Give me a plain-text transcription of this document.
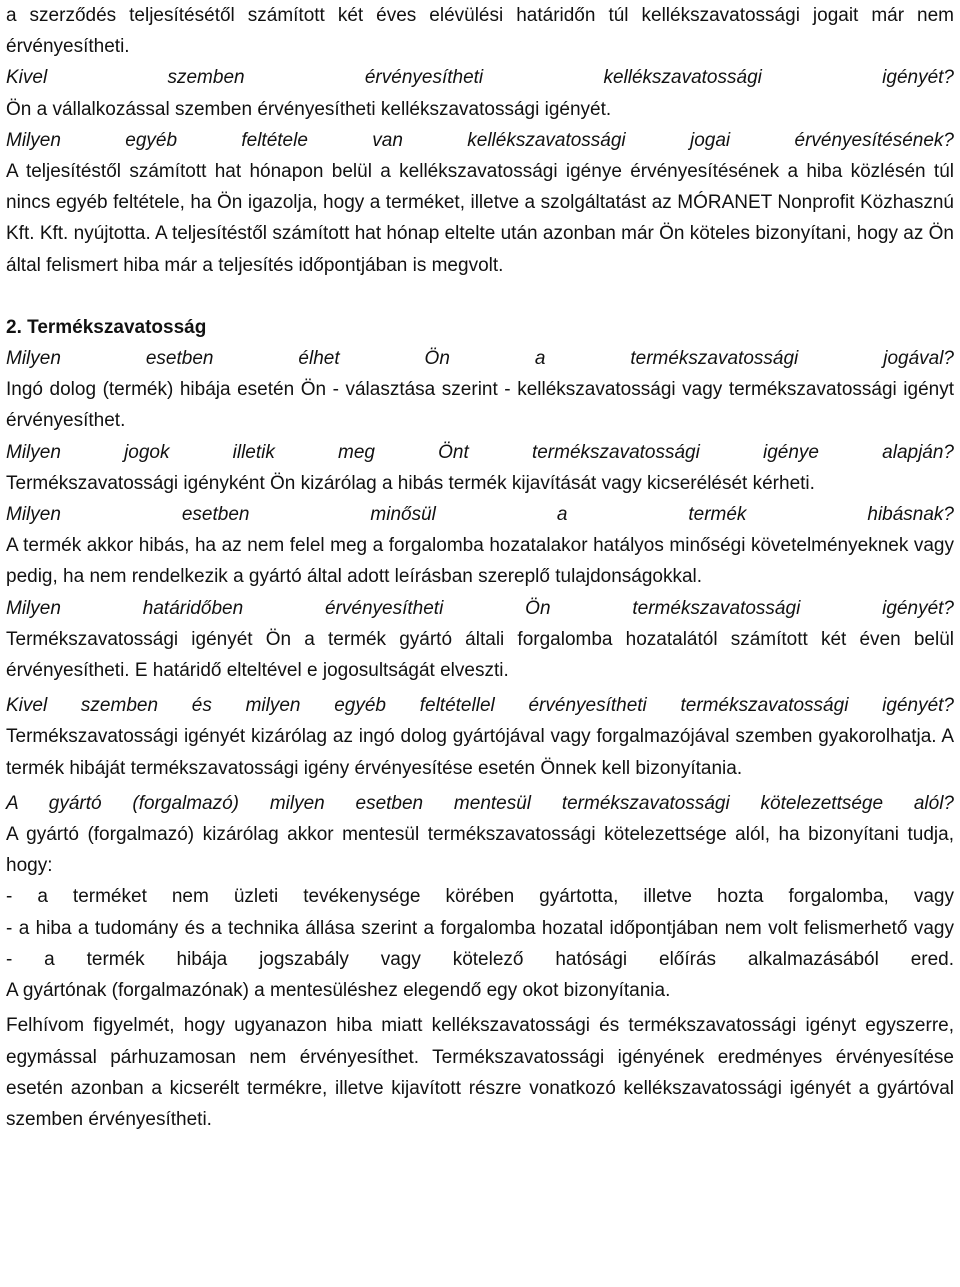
a szerződés teljesítésétől számított két éves elévülési határidőn túl kellékszavatossági jogait már nem érvényesítheti.

Kivel szemben érvényesítheti kellékszavatossági igényét?

Ön a vállalkozással szemben érvényesítheti kellékszavatossági igényét.

Milyen egyéb feltétele van kellékszavatossági jogai érvényesítésének?

A teljesítéstől számított hat hónapon belül a kellékszavatossági igénye érvényesítésének a hiba közlésén túl nincs egyéb feltétele, ha Ön igazolja, hogy a terméket, illetve a szolgáltatást az MÓRANET Nonprofit Közhasznú Kft. Kft. nyújtotta. A teljesítéstől számított hat hónap eltelte után azonban már Ön köteles bizonyítani, hogy az Ön által felismert hiba már a teljesítés időpontjában is megvolt.

2. Termékszavatosság

Milyen esetben élhet Ön a termékszavatossági jogával?

Ingó dolog (termék) hibája esetén Ön - választása szerint - kellékszavatossági vagy termékszavatossági igényt érvényesíthet.

Milyen jogok illetik meg Önt termékszavatossági igénye alapján?

Termékszavatossági igényként Ön kizárólag a hibás termék kijavítását vagy kicserélését kérheti.

Milyen esetben minősül a termék hibásnak?

A termék akkor hibás, ha az nem felel meg a forgalomba hozatalakor hatályos minőségi követelményeknek vagy pedig, ha nem rendelkezik a gyártó által adott leírásban szereplő tulajdonságokkal.

Milyen határidőben érvényesítheti Ön termékszavatossági igényét?

Termékszavatossági igényét Ön a termék gyártó általi forgalomba hozatalától számított két éven belül érvényesítheti. E határidő elteltével e jogosultságát elveszti.

Kivel szemben és milyen egyéb feltétellel érvényesítheti termékszavatossági igényét?

Termékszavatossági igényét kizárólag az ingó dolog gyártójával vagy forgalmazójával szemben gyakorolhatja. A termék hibáját termékszavatossági igény érvényesítése esetén Önnek kell bizonyítania.

A gyártó (forgalmazó) milyen esetben mentesül termékszavatossági kötelezettsége alól?

A gyártó (forgalmazó) kizárólag akkor mentesül termékszavatossági kötelezettsége alól, ha bizonyítani tudja, hogy:

- a terméket nem üzleti tevékenysége körében gyártotta, illetve hozta forgalomba, vagy

- a hiba a tudomány és a technika állása szerint a forgalomba hozatal időpontjában nem volt felismerhető vagy

- a termék hibája jogszabály vagy kötelező hatósági előírás alkalmazásából ered.

A gyártónak (forgalmazónak) a mentesüléshez elegendő egy okot bizonyítania.

Felhívom figyelmét, hogy ugyanazon hiba miatt kellékszavatossági és termékszavatossági igényt egyszerre, egymással párhuzamosan nem érvényesíthet. Termékszavatossági igényének eredményes érvényesítése esetén azonban a kicserélt termékre, illetve kijavított részre vonatkozó kellékszavatossági igényét a gyártóval szemben érvényesítheti.
